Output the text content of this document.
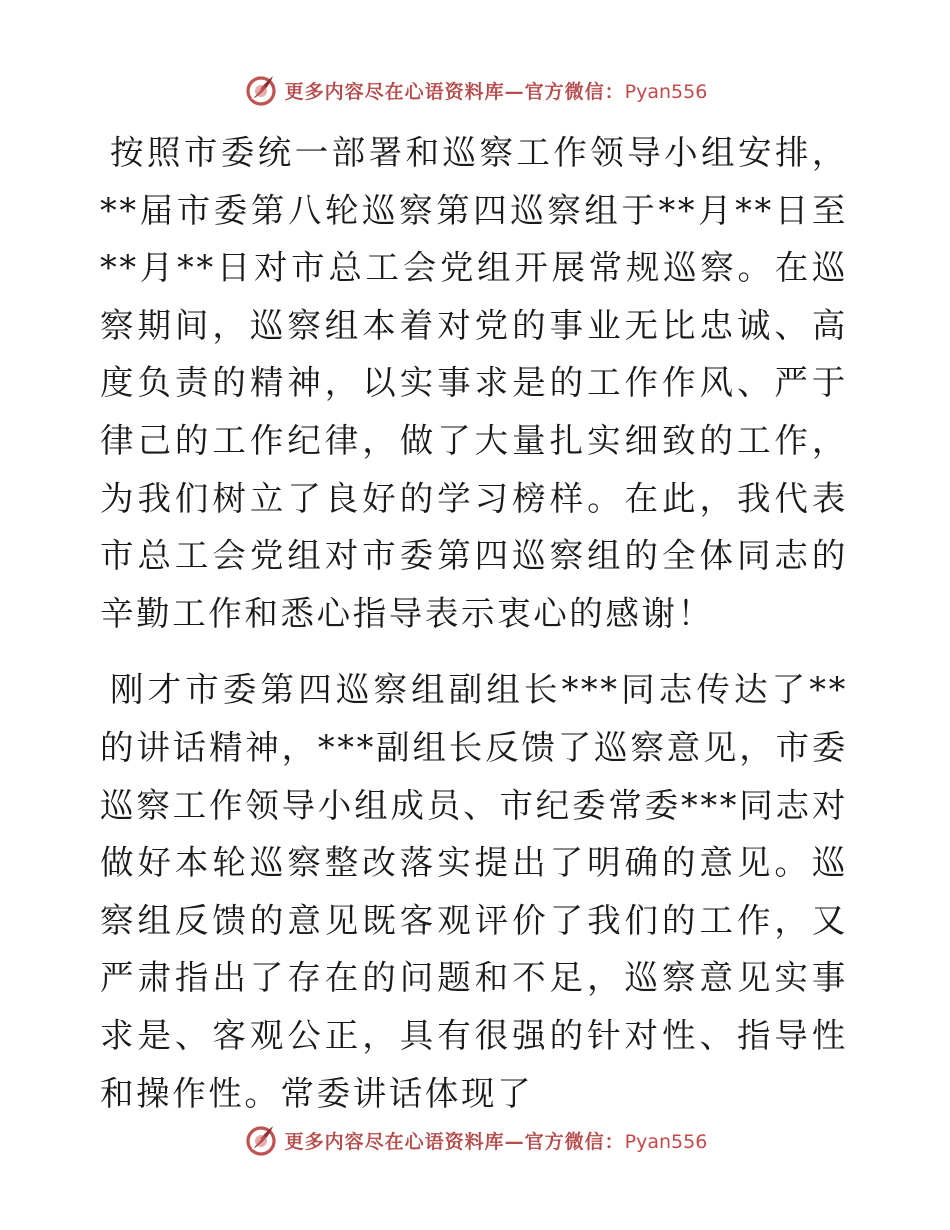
更多内容尽在心语资料库—官方微信：Pyan556

按照市委统一部署和巡察工作领导小组安排，**届市委第八轮巡察第四巡察组于**月**日至**月**日对市总工会党组开展常规巡察。在巡察期间，巡察组本着对党的事业无比忠诚、高度负责的精神，以实事求是的工作作风、严于律己的工作纪律，做了大量扎实细致的工作，为我们树立了良好的学习榜样。在此，我代表市总工会党组对市委第四巡察组的全体同志的辛勤工作和悉心指导表示衷心的感谢！

刚才市委第四巡察组副组长***同志传达了**的讲话精神，***副组长反馈了巡察意见，市委巡察工作领导小组成员、市纪委常委***同志对做好本轮巡察整改落实提出了明确的意见。巡察组反馈的意见既客观评价了我们的工作，又严肃指出了存在的问题和不足，巡察意见实事求是、客观公正，具有很强的针对性、指导性和操作性。常委讲话体现了

更多内容尽在心语资料库—官方微信：Pyan556
